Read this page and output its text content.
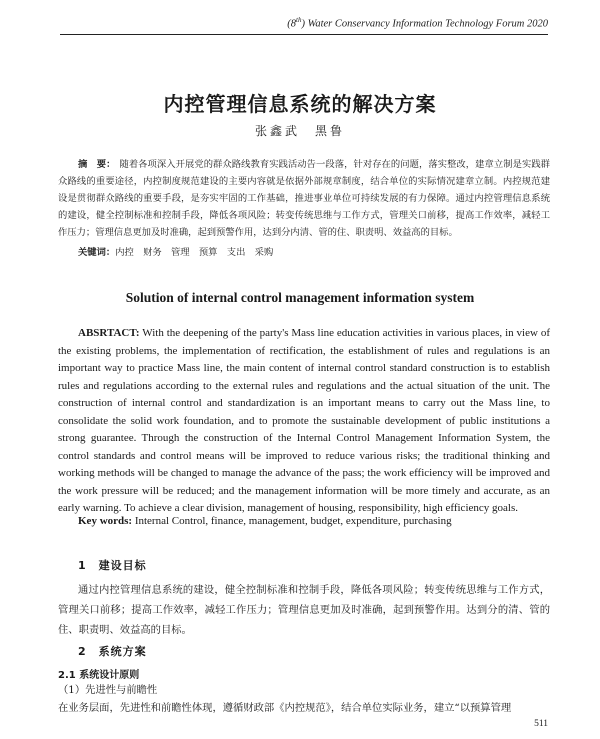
(8th) Water Conservancy Information Technology Forum 2020
内控管理信息系统的解决方案
张鑫武　黑鲁
摘　要： 随着各项深入开展党的群众路线教育实践活动告一段落，针对存在的问题，落实整改，建章立制是实践群众路线的重要途径，内控制度规范建设的主要内容就是依据外部规章制度，结合单位的实际情况建章立制。内控规范建设是贯彻群众路线的重要手段，是夯实牢固的工作基础，推进事业单位可持续发展的有力保障。通过内控管理信息系统的建设，健全控制标准和控制手段，降低各项风险；转变传统思维与工作方式，管理关口前移，提高工作效率，减轻工作压力；管理信息更加及时准确，起到预警作用，达到分内清、管的住、职责明、效益高的目标。
关键词：内控　财务　管理　预算　支出　采购
Solution of internal control management information system
ABSRTACT: With the deepening of the party's Mass line education activities in various places, in view of the existing problems, the implementation of rectification, the establishment of rules and regulations is an important way to practice Mass line, the main content of internal control standard construction is to establish rules and regulations according to the external rules and regulations and the actual situation of the unit. The construction of internal control and standardization is an important means to carry out the Mass line, to consolidate the solid work foundation, and to promote the sustainable development of public institutions a strong guarantee. Through the construction of the Internal Control Management Information System, the control standards and control means will be improved to reduce various risks; the traditional thinking and working methods will be changed to manage the advance of the pass; the work efficiency will be improved and the work pressure will be reduced; and the management information will be more timely and accurate, as an early warning. To achieve a clear division, management of housing, responsibility, high efficiency goals.
Key words: Internal Control, finance, management, budget, expenditure, purchasing
1 建设目标
通过内控管理信息系统的建设，健全控制标准和控制手段，降低各项风险；转变传统思维与工作方式，管理关口前移；提高工作效率，减轻工作压力；管理信息更加及时准确，起到预警作用。达到分的清、管的住、职责明、效益高的目标。
2 系统方案
2.1 系统设计原则
（1）先进性与前瞻性
在业务层面，先进性和前瞻性体现，遵循财政部《内控规范》，结合单位实际业务，建立“以预算管理
511
